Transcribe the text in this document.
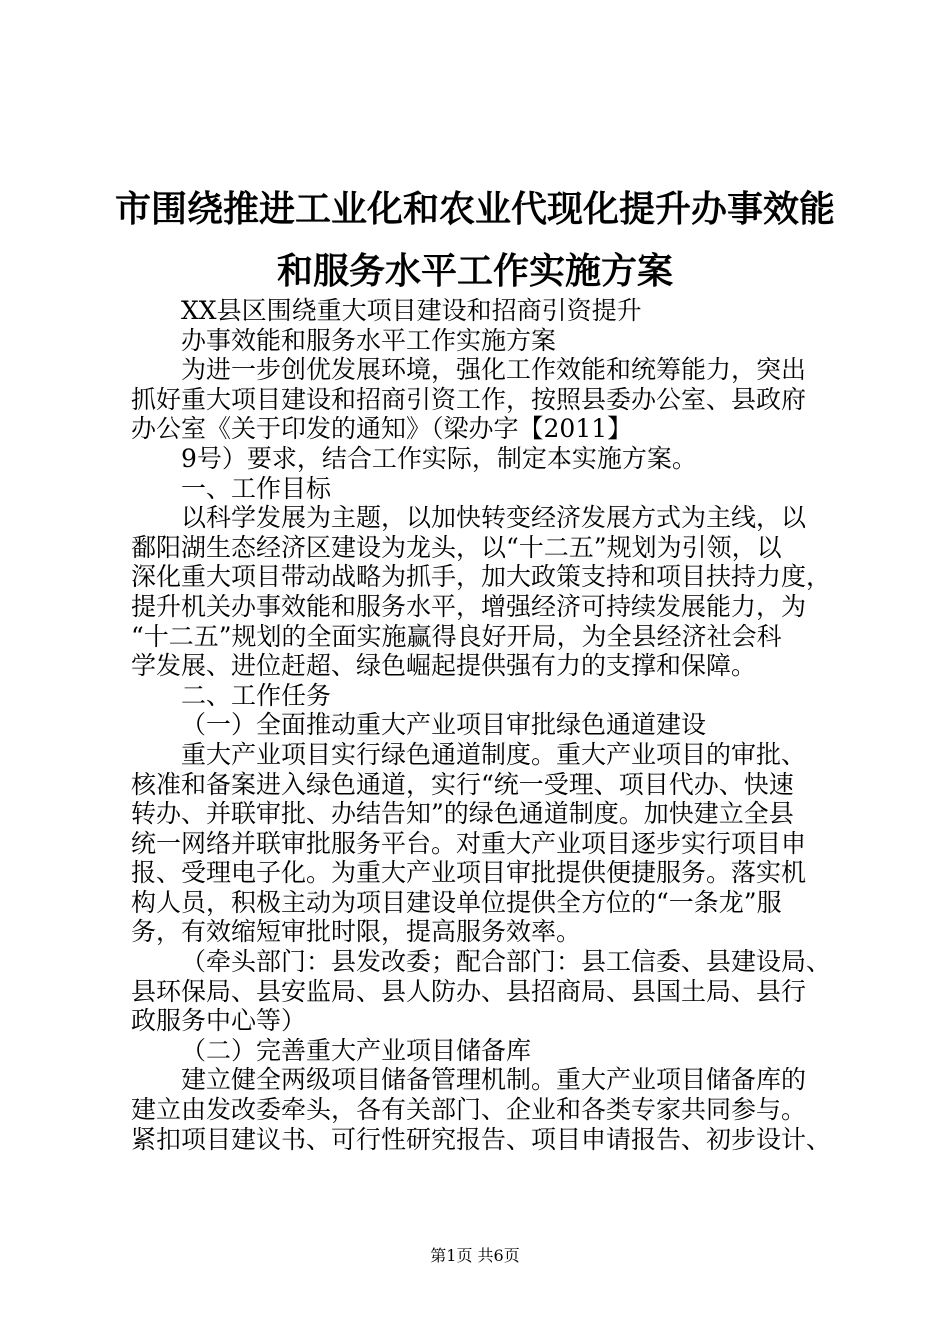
市围绕推进工业化和农业代现化提升办事效能
和服务水平工作实施方案
XX县区围绕重大项目建设和招商引资提升
办事效能和服务水平工作实施方案
为进一步创优发展环境，强化工作效能和统筹能力，突出
抓好重大项目建设和招商引资工作，按照县委办公室、县政府
办公室《关于印发的通知》（梁办字【2011】
9号）要求，结合工作实际，制定本实施方案。
一、工作目标
以科学发展为主题，以加快转变经济发展方式为主线，以
鄱阳湖生态经济区建设为龙头，以“十二五”规划为引领，以
深化重大项目带动战略为抓手，加大政策支持和项目扶持力度，
提升机关办事效能和服务水平，增强经济可持续发展能力，为
“十二五”规划的全面实施赢得良好开局，为全县经济社会科
学发展、进位赶超、绿色崛起提供强有力的支撑和保障。
二、工作任务
（一）全面推动重大产业项目审批绿色通道建设
重大产业项目实行绿色通道制度。重大产业项目的审批、
核准和备案进入绿色通道，实行“统一受理、项目代办、快速
转办、并联审批、办结告知”的绿色通道制度。加快建立全县
统一网络并联审批服务平台。对重大产业项目逐步实行项目申
报、受理电子化。为重大产业项目审批提供便捷服务。落实机
构人员，积极主动为项目建设单位提供全方位的“一条龙”服
务，有效缩短审批时限，提高服务效率。
（牵头部门：县发改委；配合部门：县工信委、县建设局、
县环保局、县安监局、县人防办、县招商局、县国土局、县行
政服务中心等）
（二）完善重大产业项目储备库
建立健全两级项目储备管理机制。重大产业项目储备库的
建立由发改委牵头，各有关部门、企业和各类专家共同参与。
紧扣项目建议书、可行性研究报告、项目申请报告、初步设计、
第1页 共6页
